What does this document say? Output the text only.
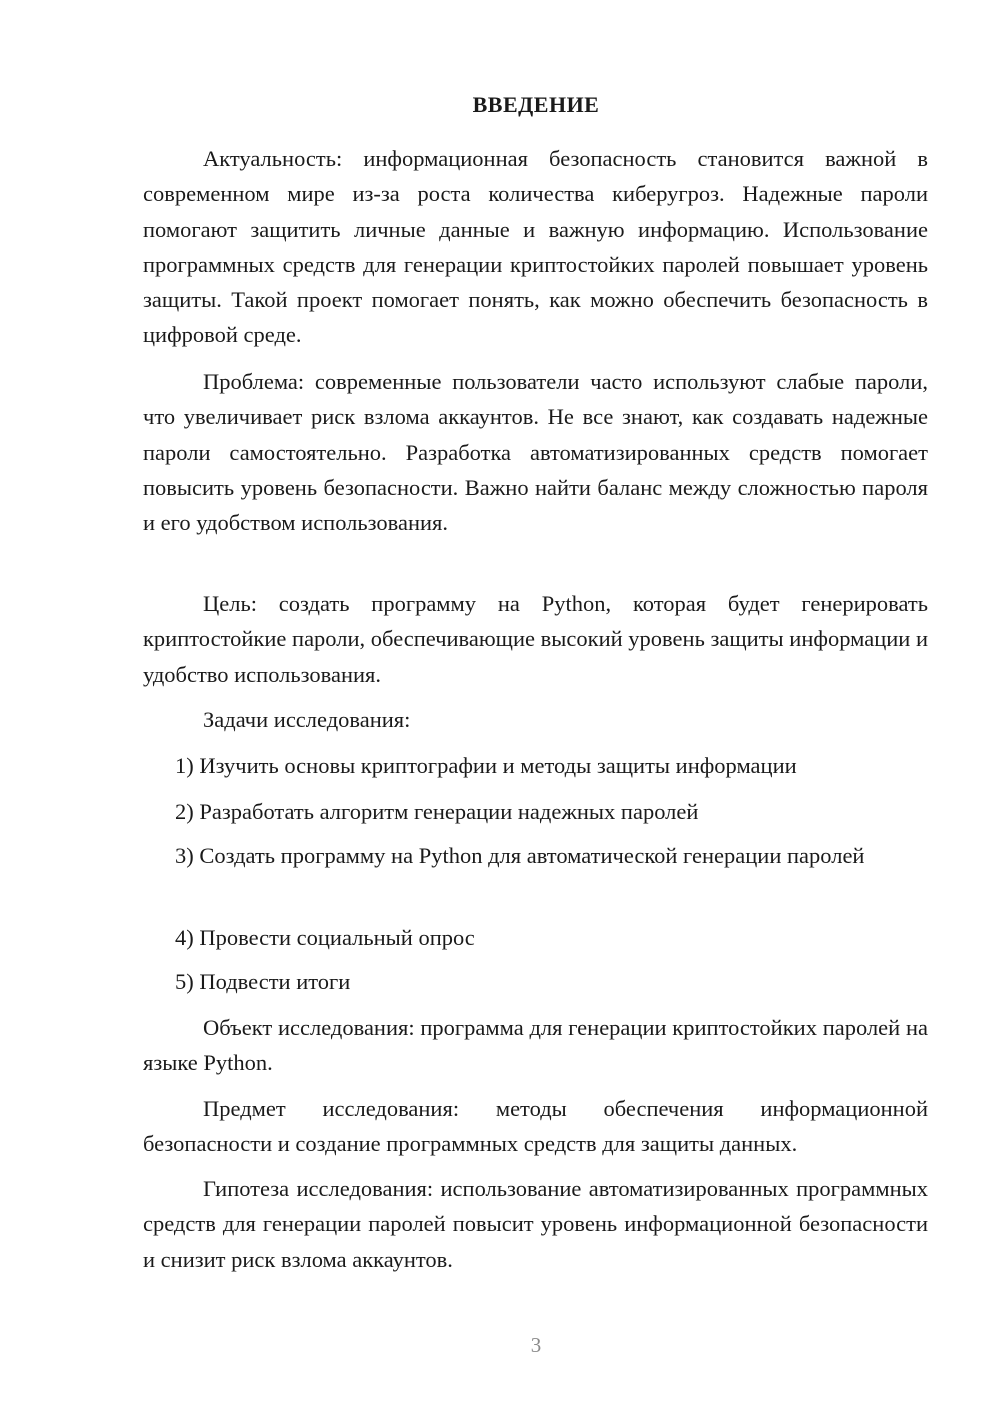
ВВЕДЕНИЕ

Актуальность: информационная безопасность становится важной в современном мире из-за роста количества киберугроз. Надежные пароли помогают защитить личные данные и важную информацию. Использование программных средств для генерации криптостойких паролей повышает уровень защиты. Такой проект помогает понять, как можно обеспечить безопасность в цифровой среде.

Проблема: современные пользователи часто используют слабые пароли, что увеличивает риск взлома аккаунтов. Не все знают, как создавать надежные пароли самостоятельно. Разработка автоматизированных средств помогает повысить уровень безопасности. Важно найти баланс между сложностью пароля и его удобством использования.

Цель: создать программу на Python, которая будет генерировать криптостойкие пароли, обеспечивающие высокий уровень защиты информации и удобство использования.

Задачи исследования:

1) Изучить основы криптографии и методы защиты информации

2) Разработать алгоритм генерации надежных паролей

3) Создать программу на Python для автоматической генерации паролей

4) Провести социальный опрос

5) Подвести итоги

Объект исследования: программа для генерации криптостойких паролей на языке Python.

Предмет исследования: методы обеспечения информационной безопасности и создание программных средств для защиты данных.

Гипотеза исследования: использование автоматизированных программных средств для генерации паролей повысит уровень информационной безопасности и снизит риск взлома аккаунтов.

3
